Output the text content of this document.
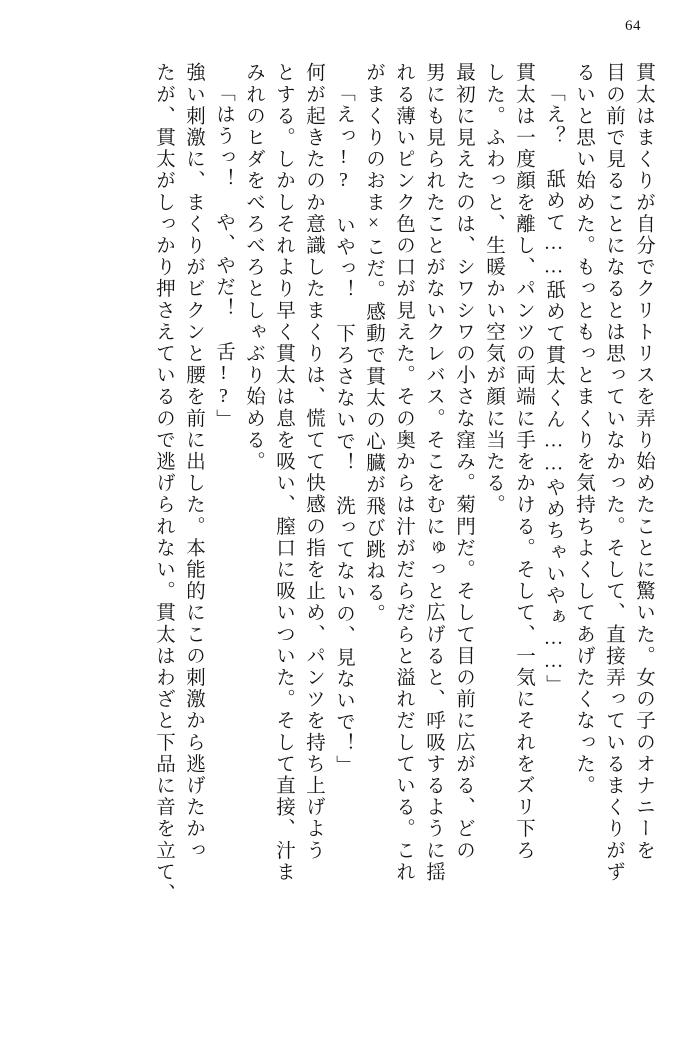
64
貫太はまくりが自分でクリトリスを弄り始めたことに驚いた。女の子のオナニーを
目の前で見ることになるとは思っていなかった。そして、直接弄っているまくりがず
るいと思い始めた。もっともっとまくりを気持ちよくしてあげたくなった。
「え？　舐めて……舐めて貫太くん……やめちゃいやぁ……」
貫太は一度顔を離し、パンツの両端に手をかける。そして、一気にそれをズリ下ろ
した。ふわっと、生暖かい空気が顔に当たる。
最初に見えたのは、シワシワの小さな窪み。菊門だ。そして目の前に広がる、どの
男にも見られたことがないクレバス。そこをむにゅっと広げると、呼吸するように揺
れる薄いピンク色の口が見えた。その奥からは汁がだらだらと溢れだしている。これ
がまくりのおま×こだ。感動で貫太の心臓が飛び跳ねる。
「えっ!?　いやっ！　下ろさないで！　洗ってないの、見ないで！」
何が起きたのか意識したまくりは、慌てて快感の指を止め、パンツを持ち上げよう
とする。しかしそれより早く貫太は息を吸い、膣口に吸いついた。そして直接、汁ま
みれのヒダをべろべろとしゃぶり始める。
「はうっ！　や、やだ！　舌!?」
強い刺激に、まくりがビクンと腰を前に出した。本能的にこの刺激から逃げたかっ
たが、貫太がしっかり押さえているので逃げられない。貫太はわざと下品に音を立て、
